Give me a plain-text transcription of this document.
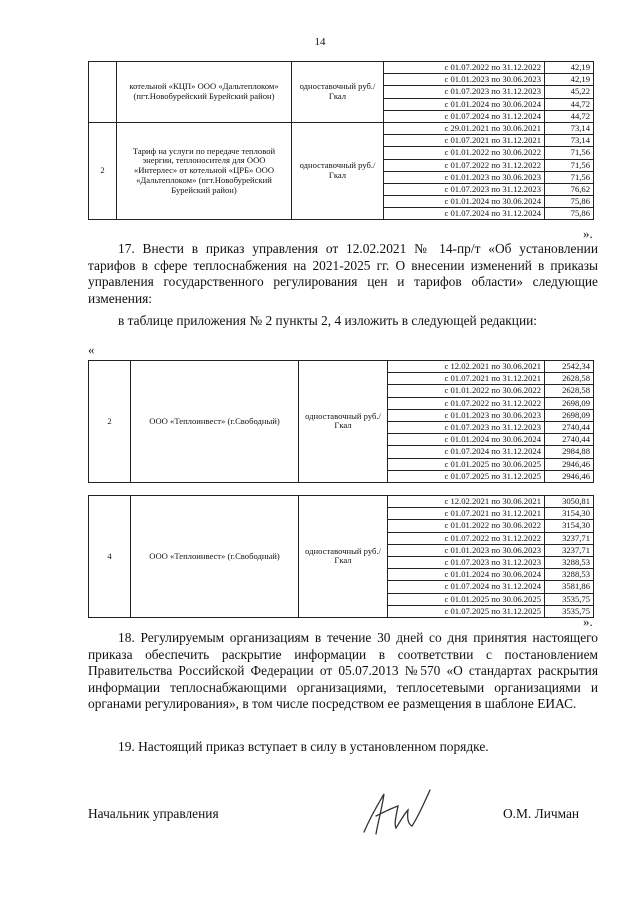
14
	котельной «КЦП» ООО «Дальтеплоком» (пгт.Новобурейский Бурейский район)	одноставочный руб./Гкал	
с 01.07.2022 по 31.12.2022	42,19
с 01.01.2023 по 30.06.2023	42,19
с 01.07.2023 по 31.12.2023	45,22
с 01.01.2024 по 30.06.2024	44,72
с 01.07.2024 по 31.12.2024	44,72

2	Тариф на услуги по передаче тепловой энергии, теплоносителя для ООО «Интерлес» от котельной «ЦРБ» ООО «Дальтеплоком» (пгт.Новобурейский Бурейский район)	одноставочный руб./Гкал	
с 29.01.2021 по 30.06.2021	73,14
с 01.07.2021 по 31.12.2021	73,14
с 01.01.2022 по 30.06.2022	71,56
с 01.07.2022 по 31.12.2022	71,56
с 01.01.2023 по 30.06.2023	71,56
с 01.07.2023 по 31.12.2023	76,62
с 01.01.2024 по 30.06.2024	75,86
с 01.07.2024 по 31.12.2024	75,86
».

17. Внести в приказ управления от 12.02.2021 № 14-пр/т «Об установлении тарифов в сфере теплоснабжения на 2021-2025 гг. О внесении изменений в приказы управления государственного регулирования цен и тарифов области» следующие изменения:

в таблице приложения № 2 пункты 2, 4 изложить в следующей редакции:

«
2	ООО «Теплоинвест» (г.Свободный)	одноставочный руб./Гкал	
с 12.02.2021 по 30.06.2021	2542,34
с 01.07.2021 по 31.12.2021	2628,58
с 01.01.2022 по 30.06.2022	2628,58
с 01.07.2022 по 31.12.2022	2698,09
с 01.01.2023 по 30.06.2023	2698,09
с 01.07.2023 по 31.12.2023	2740,44
с 01.01.2024 по 30.06.2024	2740,44
с 01.07.2024 по 31.12.2024	2984,88
с 01.01.2025 по 30.06.2025	2946,46
с 01.07.2025 по 31.12.2025	2946,46
4	ООО «Теплоинвест» (г.Свободный)	одноставочный руб./Гкал	
с 12.02.2021 по 30.06.2021	3050,81
с 01.07.2021 по 31.12.2021	3154,30
с 01.01.2022 по 30.06.2022	3154,30
с 01.07.2022 по 31.12.2022	3237,71
с 01.01.2023 по 30.06.2023	3237,71
с 01.07.2023 по 31.12.2023	3288,53
с 01.01.2024 по 30.06.2024	3288,53
с 01.07.2024 по 31.12.2024	3581,86
с 01.01.2025 по 30.06.2025	3535,75
с 01.07.2025 по 31.12.2025	3535,75
».

18. Регулируемым организациям в течение 30 дней со дня принятия настоящего приказа обеспечить раскрытие информации в соответствии с постановлением Правительства Российской Федерации от 05.07.2013 №570 «О стандартах раскрытия информации теплоснабжающими организациями, теплосетевыми организациями и органами регулирования», в том числе посредством ее размещения в шаблоне ЕИАС.

19. Настоящий приказ вступает в силу в установленном порядке.

Начальник управления	О.М. Личман
